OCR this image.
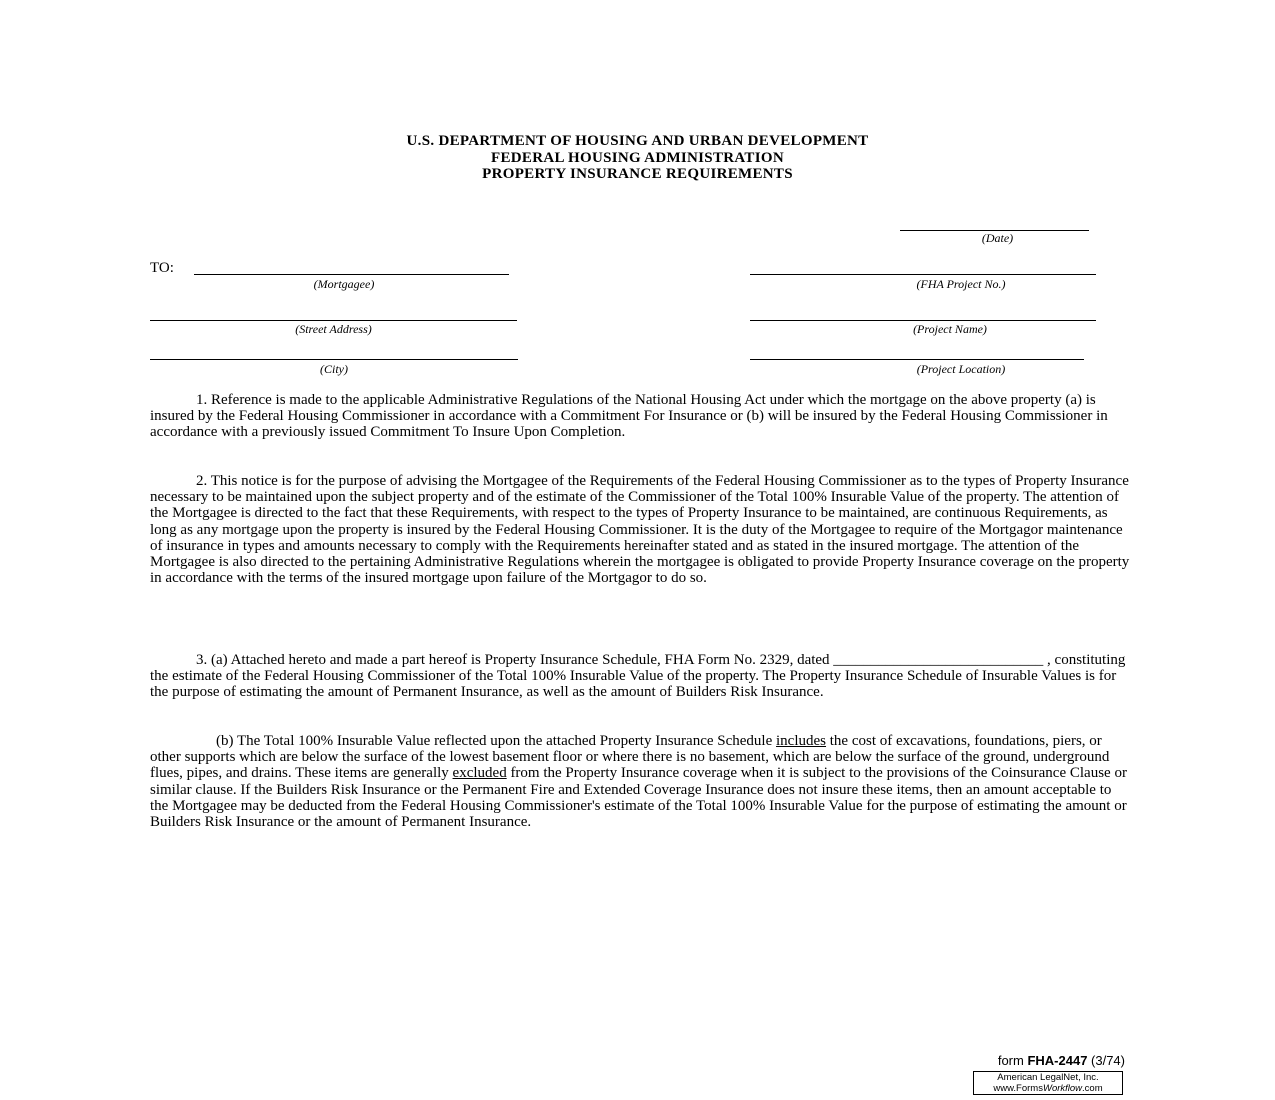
U.S. DEPARTMENT OF HOUSING AND URBAN DEVELOPMENT
FEDERAL HOUSING ADMINISTRATION
PROPERTY INSURANCE REQUIREMENTS
(Date)
TO:
(Mortgagee)	(FHA Project No.)
(Street Address)	(Project Name)
(City)	(Project Location)
1. Reference is made to the applicable Administrative Regulations of the National Housing Act under which the mortgage on the above property (a) is insured by the Federal Housing Commissioner in accordance with a Commitment For Insurance or (b) will be insured by the Federal Housing Commissioner in accordance with a previously issued Commitment To Insure Upon Completion.
2. This notice is for the purpose of advising the Mortgagee of the Requirements of the Federal Housing Commissioner as to the types of Property Insurance necessary to be maintained upon the subject property and of the estimate of the Commissioner of the Total 100% Insurable Value of the property. The attention of the Mortgagee is directed to the fact that these Requirements, with respect to the types of Property Insurance to be maintained, are continuous Requirements, as long as any mortgage upon the property is insured by the Federal Housing Commissioner. It is the duty of the Mortgagee to require of the Mortgagor maintenance of insurance in types and amounts necessary to comply with the Requirements hereinafter stated and as stated in the insured mortgage. The attention of the Mortgagee is also directed to the pertaining Administrative Regulations wherein the mortgagee is obligated to provide Property Insurance coverage on the property in accordance with the terms of the insured mortgage upon failure of the Mortgagor to do so.
3. (a) Attached hereto and made a part hereof is Property Insurance Schedule, FHA Form No. 2329, dated ____________________________ , constituting the estimate of the Federal Housing Commissioner of the Total 100% Insurable Value of the property. The Property Insurance Schedule of Insurable Values is for the purpose of estimating the amount of Permanent Insurance, as well as the amount of Builders Risk Insurance.
(b) The Total 100% Insurable Value reflected upon the attached Property Insurance Schedule includes the cost of excavations, foundations, piers, or other supports which are below the surface of the lowest basement floor or where there is no basement, which are below the surface of the ground, underground flues, pipes, and drains. These items are generally excluded from the Property Insurance coverage when it is subject to the provisions of the Coinsurance Clause or similar clause. If the Builders Risk Insurance or the Permanent Fire and Extended Coverage Insurance does not insure these items, then an amount acceptable to the Mortgagee may be deducted from the Federal Housing Commissioner's estimate of the Total 100% Insurable Value for the purpose of estimating the amount or Builders Risk Insurance or the amount of Permanent Insurance.
form FHA-2447 (3/74)
American LegalNet, Inc.
www.FormsWorkflow.com
